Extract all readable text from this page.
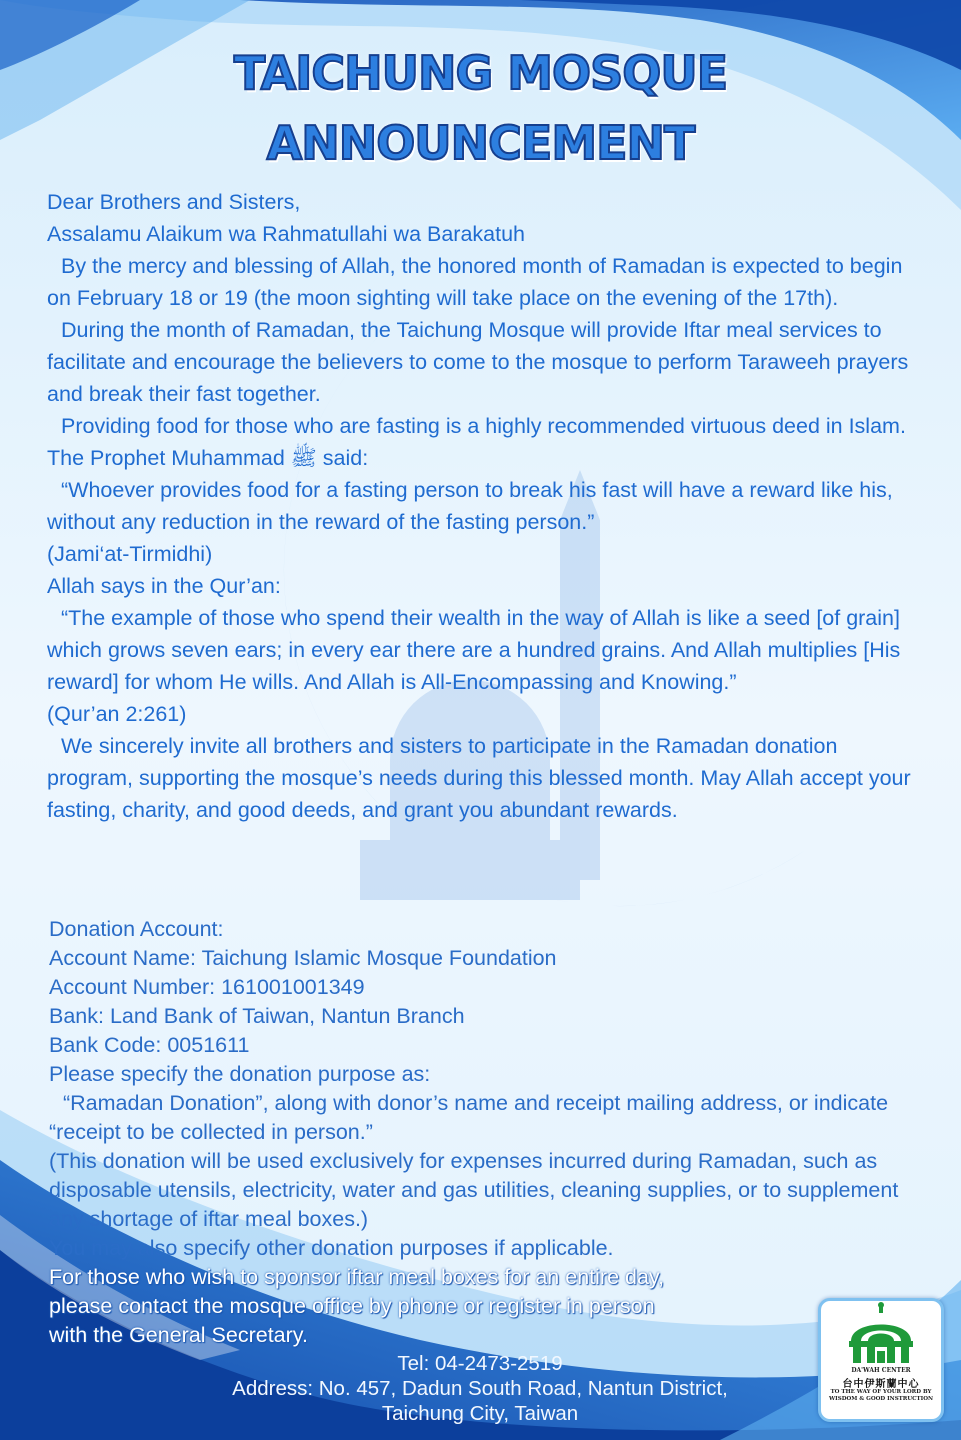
TAICHUNG MOSQUE
ANNOUNCEMENT

Dear Brothers and Sisters,

Assalamu Alaikum wa Rahmatullahi wa Barakatuh

By the mercy and blessing of Allah, the honored month of Ramadan is expected to begin on February 18 or 19 (the moon sighting will take place on the evening of the 17th).

During the month of Ramadan, the Taichung Mosque will provide Iftar meal services to facilitate and encourage the believers to come to the mosque to perform Taraweeh prayers and break their fast together.

Providing food for those who are fasting is a highly recommended virtuous deed in Islam. The Prophet Muhammad ﷺ said:

“Whoever provides food for a fasting person to break his fast will have a reward like his, without any reduction in the reward of the fasting person.”

(Jami‘at-Tirmidhi)

Allah says in the Qur’an:

“The example of those who spend their wealth in the way of Allah is like a seed [of grain] which grows seven ears; in every ear there are a hundred grains. And Allah multiplies [His reward] for whom He wills. And Allah is All-Encompassing and Knowing.”

(Qur’an 2:261)

We sincerely invite all brothers and sisters to participate in the Ramadan donation program, supporting the mosque’s needs during this blessed month. May Allah accept your fasting, charity, and good deeds, and grant you abundant rewards.

Donation Account:

Account Name: Taichung Islamic Mosque Foundation

Account Number: 161001001349

Bank: Land Bank of Taiwan, Nantun Branch

Bank Code: 0051611

Please specify the donation purpose as:

“Ramadan Donation”, along with donor’s name and receipt mailing address, or indicate “receipt to be collected in person.”

(This donation will be used exclusively for expenses incurred during Ramadan, such as disposable utensils, electricity, water and gas utilities, cleaning supplies, or to supplement any shortage of iftar meal boxes.)

You may also specify other donation purposes if applicable.

For those who wish to sponsor iftar meal boxes for an entire day,

please contact the mosque office by phone or register in person

with the General Secretary.

Tel: 04-2473-2519

Address: No. 457, Dadun South Road, Nantun District,

Taichung City, Taiwan

DA'WAH CENTER
台中伊斯蘭中心
TO THE WAY OF YOUR LORD BY WISDOM & GOOD INSTRUCTION
